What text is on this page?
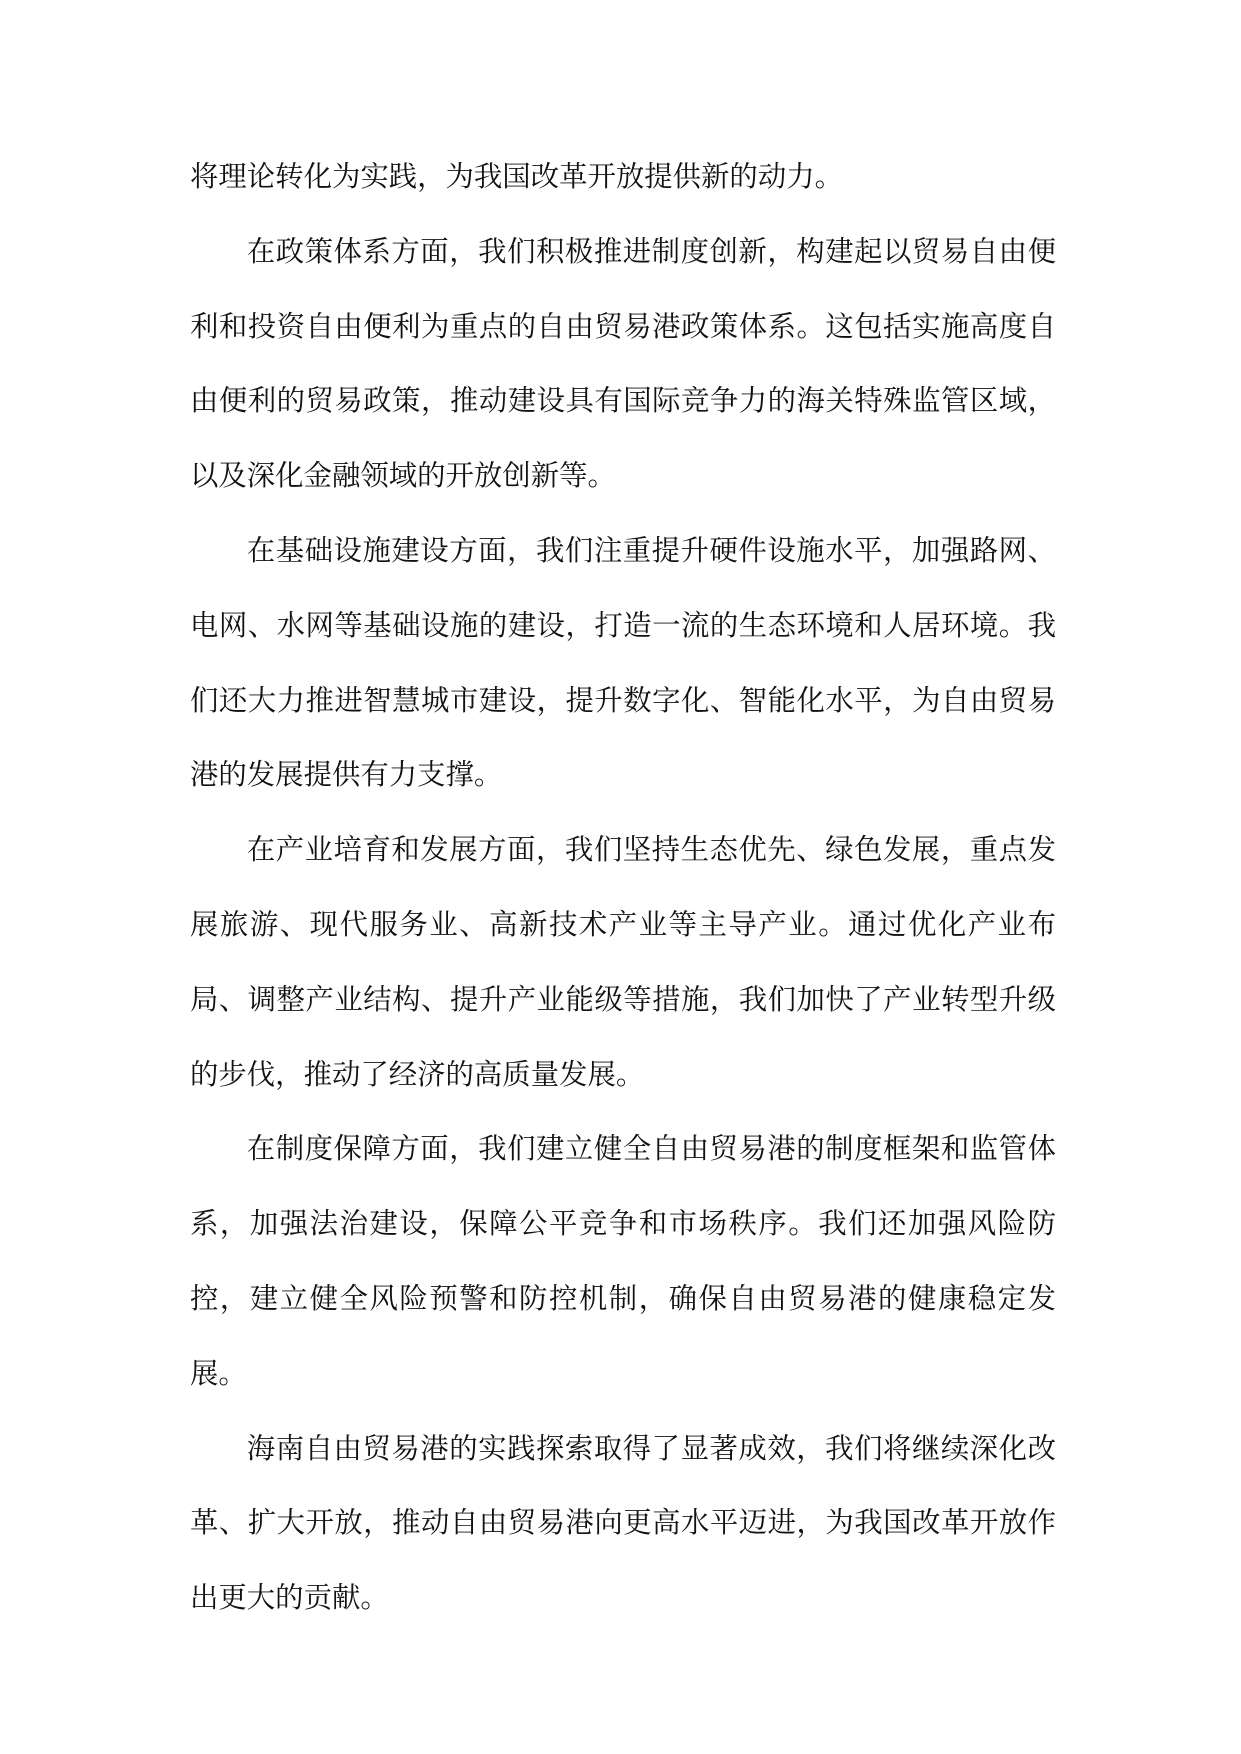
将理论转化为实践，为我国改革开放提供新的动力。

在政策体系方面，我们积极推进制度创新，构建起以贸易自由便利和投资自由便利为重点的自由贸易港政策体系。这包括实施高度自由便利的贸易政策，推动建设具有国际竞争力的海关特殊监管区域，以及深化金融领域的开放创新等。

在基础设施建设方面，我们注重提升硬件设施水平，加强路网、电网、水网等基础设施的建设，打造一流的生态环境和人居环境。我们还大力推进智慧城市建设，提升数字化、智能化水平，为自由贸易港的发展提供有力支撑。

在产业培育和发展方面，我们坚持生态优先、绿色发展，重点发展旅游、现代服务业、高新技术产业等主导产业。通过优化产业布局、调整产业结构、提升产业能级等措施，我们加快了产业转型升级的步伐，推动了经济的高质量发展。

在制度保障方面，我们建立健全自由贸易港的制度框架和监管体系，加强法治建设，保障公平竞争和市场秩序。我们还加强风险防控，建立健全风险预警和防控机制，确保自由贸易港的健康稳定发展。

海南自由贸易港的实践探索取得了显著成效，我们将继续深化改革、扩大开放，推动自由贸易港向更高水平迈进，为我国改革开放作出更大的贡献。
